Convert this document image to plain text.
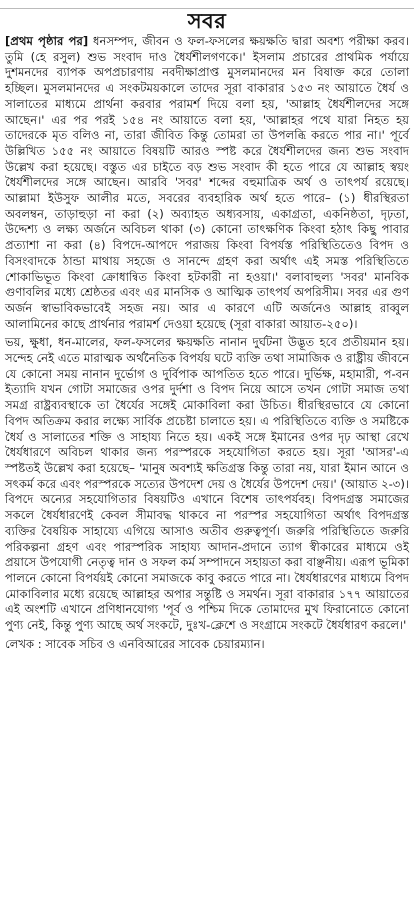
সবর

[প্রথম পৃষ্ঠার পর] ধনসম্পদ, জীবন ও ফল-ফসলের ক্ষয়ক্ষতি দ্বারা অবশ্য পরীক্ষা করব। তুমি (হে রসুল) শুভ সংবাদ দাও ধৈর্যশীলগণকে।' ইসলাম প্রচারের প্রাথমিক পর্যায়ে দুশমনদের ব্যাপক অপপ্রচারণায় নবদীক্ষাপ্রাপ্ত মুসলমানদের মন বিষাক্ত করে তোলা হচ্ছিল। মুসলমানদের এ সংকটময়কালে তাদের সূরা বাকারার ১৫৩ নং আয়াতে ধৈর্য ও সালাতের মাধ্যমে প্রার্থনা করবার পরামর্শ দিয়ে বলা হয়, 'আল্লাহ ধৈর্যশীলদের সঙ্গে আছেন।' এর পর পরই ১৫৪ নং আয়াতে বলা হয়, 'আল্লাহর পথে যারা নিহত হয় তাদেরকে মৃত বলিও না, তারা জীবিত কিন্তু তোমরা তা উপলব্ধি করতে পার না।' পূর্বে উল্লিখিত ১৫৫ নং আয়াতে বিষয়টি আরও স্পষ্ট করে ধৈর্যশীলদের জন্য শুভ সংবাদ উল্লেখ করা হয়েছে। বস্তুত এর চাইতে বড় শুভ সংবাদ কী হতে পারে যে আল্লাহ স্বয়ং ধৈর্যশীলদের সঙ্গে আছেন। আরবি 'সবর' শব্দের বহুমাত্রিক অর্থ ও তাৎপর্য রয়েছে। আল্লামা ইউসুফ আলীর মতে, সবরের ব্যবহারিক অর্থ হতে পারে– (১) ধীরস্থিরতা অবলম্বন, তাড়াহুড়া না করা (২) অব্যাহত অধ্যবসায়, একাগ্রতা, একনিষ্ঠতা, দৃঢ়তা, উদ্দেশ্য ও লক্ষ্য অর্জনে অবিচল থাকা (৩) কোনো তাৎক্ষণিক কিংবা হঠাৎ কিছু পাবার প্রত্যাশা না করা (৪) বিপদে-আপদে পরাজয় কিংবা বিপর্যস্ত পরিস্থিতিতেও বিপদ ও বিসংবাদকে ঠান্ডা মাথায় সহজে ও সানন্দে গ্রহণ করা অর্থাৎ এই সমস্ত পরিস্থিতিতে শোকাভিভূত কিংবা ক্রোধান্বিত কিংবা হটকারী না হওয়া।' বলাবাহুল্য 'সবর' মানবিক গুণাবলির মধ্যে শ্রেষ্ঠতর এবং এর মানসিক ও আত্মিক তাৎপর্য অপরিসীম। সবর এর গুণ অর্জন স্বাভাবিকভাবেই সহজ নয়। আর এ কারণে এটি অর্জনেও আল্লাহ রাব্বুল আলামিনের কাছে প্রার্থনার পরামর্শ দেওয়া হয়েছে (সূরা বাকারা আয়াত-২৫০)।

ভয়, ক্ষুধা, ধন-মালের, ফল-ফসলের ক্ষয়ক্ষতি নানান দুর্ঘটনা উদ্ভূত হবে প্রতীয়মান হয়। সন্দেহ নেই এতে মারাত্মক অর্থনৈতিক বিপর্যয় ঘটে ব্যক্তি তথা সামাজিক ও রাষ্ট্রীয় জীবনে যে কোনো সময় নানান দুর্ভোগ ও দুর্বিপাক আপতিত হতে পারে। দুর্ভিক্ষ, মহামারী, প-বন ইত্যাদি যখন গোটা সমাজের ওপর দুর্দশা ও বিপদ নিয়ে আসে তখন গোটা সমাজ তথা সমগ্র রাষ্ট্রব্যবস্থাকে তা ধৈর্যের সঙ্গেই মোকাবিলা করা উচিত। ধীরস্থিরভাবে যে কোনো বিপদ অতিক্রম করার লক্ষ্যে সার্বিক প্রচেষ্টা চালাতে হয়। এ পরিস্থিতিতে ব্যক্তি ও সমষ্টিকে ধৈর্য ও সালাতের শক্তি ও সাহায্য নিতে হয়। একই সঙ্গে ইমানের ওপর দৃঢ় আস্থা রেখে ধৈর্যধারণে অবিচল থাকার জন্য পরস্পরকে সহযোগিতা করতে হয়। সূরা 'আসর'-এ স্পষ্টতই উল্লেখ করা হয়েছে– 'মানুষ অবশ্যই ক্ষতিগ্রস্ত কিন্তু তারা নয়, যারা ইমান আনে ও সৎকর্ম করে এবং পরস্পরকে সত্যের উপদেশ দেয় ও ধৈর্যের উপদেশ দেয়।' (আয়াত ২-৩)। বিপদে অন্যের সহযোগিতার বিষয়টিও এখানে বিশেষ তাৎপর্যবহ। বিপদগ্রস্ত সমাজের সকলে ধৈর্যধারণেই কেবল সীমাবদ্ধ থাকবে না পরস্পর সহযোগিতা অর্থাৎ বিপদগ্রস্ত ব্যক্তির বৈষয়িক সাহায্যে এগিয়ে আসাও অতীব গুরুত্বপূর্ণ। জরুরি পরিস্থিতিতে জরুরি পরিকল্পনা গ্রহণ এবং পারস্পরিক সাহায্য আদান-প্রদানে ত্যাগ স্বীকারের মাধ্যমে ওই প্রয়াসে উপযোগী নেতৃত্ব দান ও সফল কর্ম সম্পাদনে সহায়তা করা বাঞ্ছনীয়। এরূপ ভূমিকা পালনে কোনো বিপর্যয়ই কোনো সমাজকে কাবু করতে পারে না। ধৈর্যধারণের মাধ্যমে বিপদ মোকাবিলার মধ্যে রয়েছে আল্লাহর অপার সন্তুষ্টি ও সমর্থন। সূরা বাকারার ১৭৭ আয়াতের এই অংশটি এখানে প্রণিধানযোগ্য 'পূর্ব ও পশ্চিম দিকে তোমাদের মুখ ফিরানোতে কোনো পুণ্য নেই, কিন্তু পুণ্য আছে অর্থ সংকটে, দুঃখ-ক্লেশে ও সংগ্রামে সংকটে ধৈর্যধারণ করলে।'

লেখক : সাবেক সচিব ও এনবিআরের সাবেক চেয়ারম্যান।
